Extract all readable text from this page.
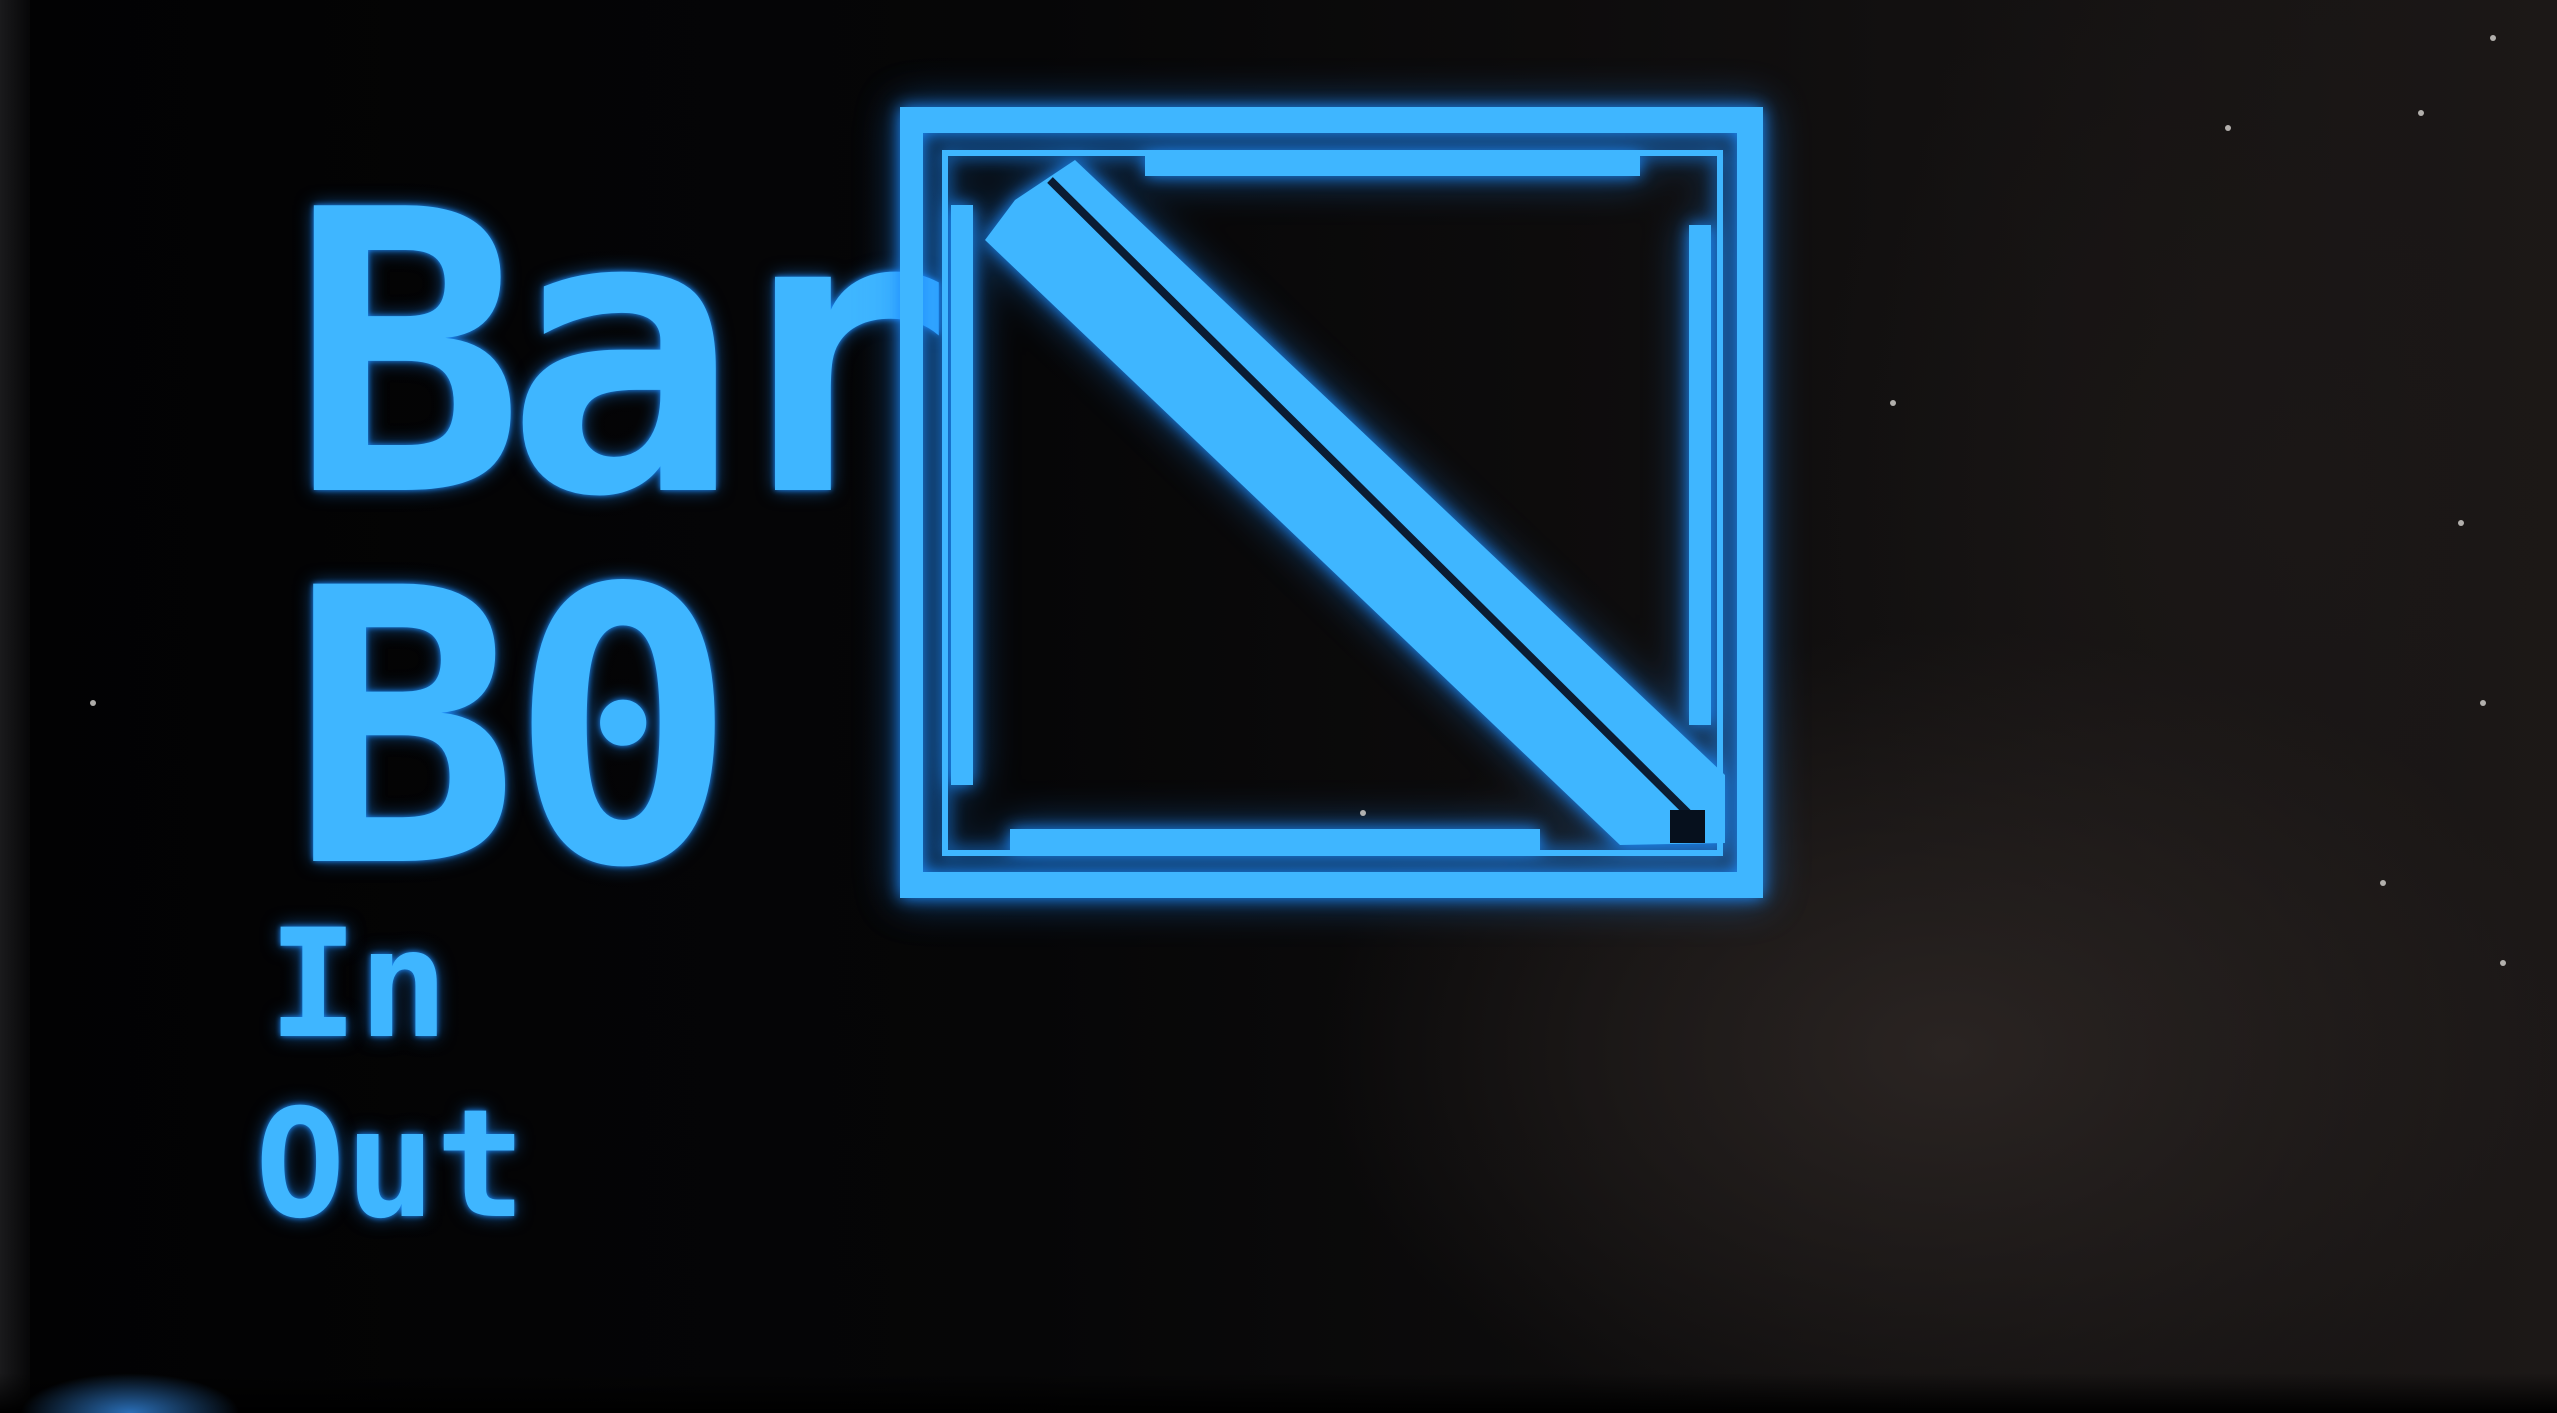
Bar
B0
In
Out
